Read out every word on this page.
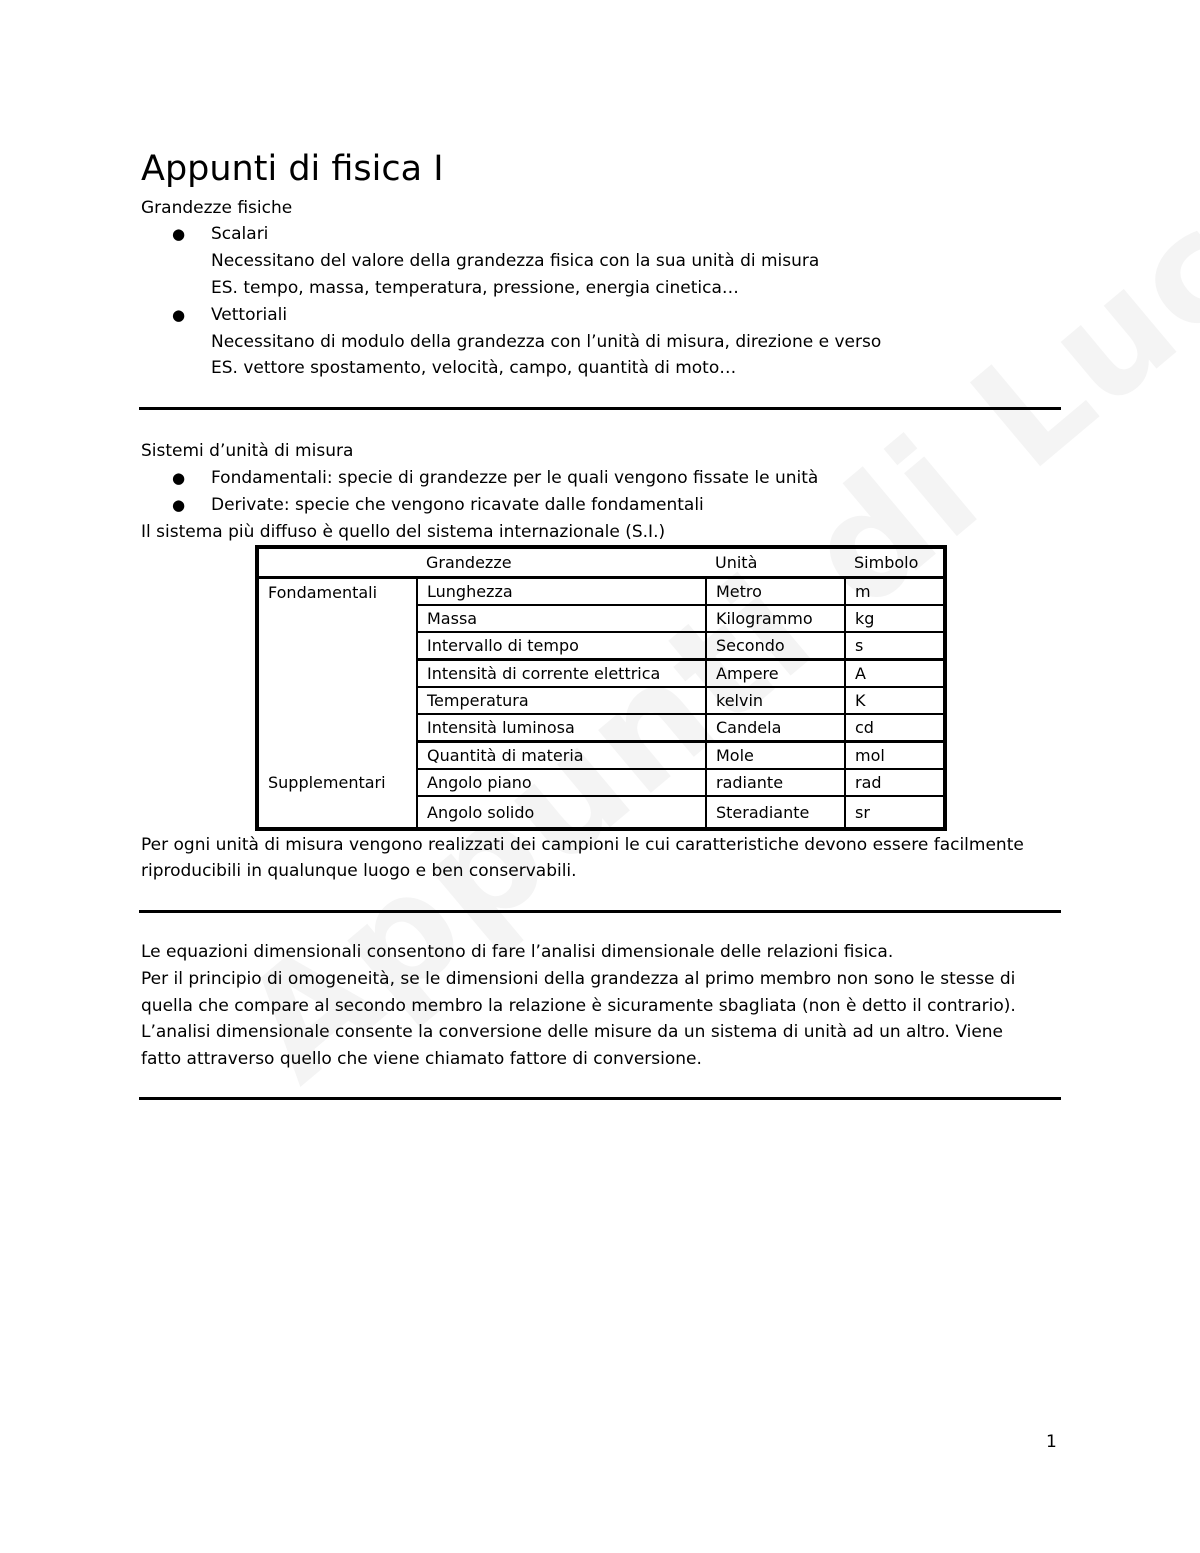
Appunti di fisica I
Grandezze fisiche
● Scalari
Necessitano del valore della grandezza fisica con la sua unità di misura
ES. tempo, massa, temperatura, pressione, energia cinetica…
● Vettoriali
Necessitano di modulo della grandezza con l’unità di misura, direzione e verso
ES. vettore spostamento, velocità, campo, quantità di moto…
Sistemi d’unità di misura
● Fondamentali: specie di grandezze per le quali vengono fissate le unità
● Derivate: specie che vengono ricavate dalle fondamentali
Il sistema più diffuso è quello del sistema internazionale (S.I.)
	Grandezze	Unità	Simbolo
Fondamentali	Lunghezza	Metro	m
	Massa	Kilogrammo	kg
	Intervallo di tempo	Secondo	s
	Intensità di corrente elettrica	Ampere	A
	Temperatura	kelvin	K
	Intensità luminosa	Candela	cd
	Quantità di materia	Mole	mol
Supplementari	Angolo piano	radiante	rad
	Angolo solido	Steradiante	sr
Per ogni unità di misura vengono realizzati dei campioni le cui caratteristiche devono essere facilmente
riproducibili in qualunque luogo e ben conservabili.
Le equazioni dimensionali consentono di fare l’analisi dimensionale delle relazioni fisica.
Per il principio di omogeneità, se le dimensioni della grandezza al primo membro non sono le stesse di
quella che compare al secondo membro la relazione è sicuramente sbagliata (non è detto il contrario).
L’analisi dimensionale consente la conversione delle misure da un sistema di unità ad un altro. Viene
fatto attraverso quello che viene chiamato fattore di conversione.
1
